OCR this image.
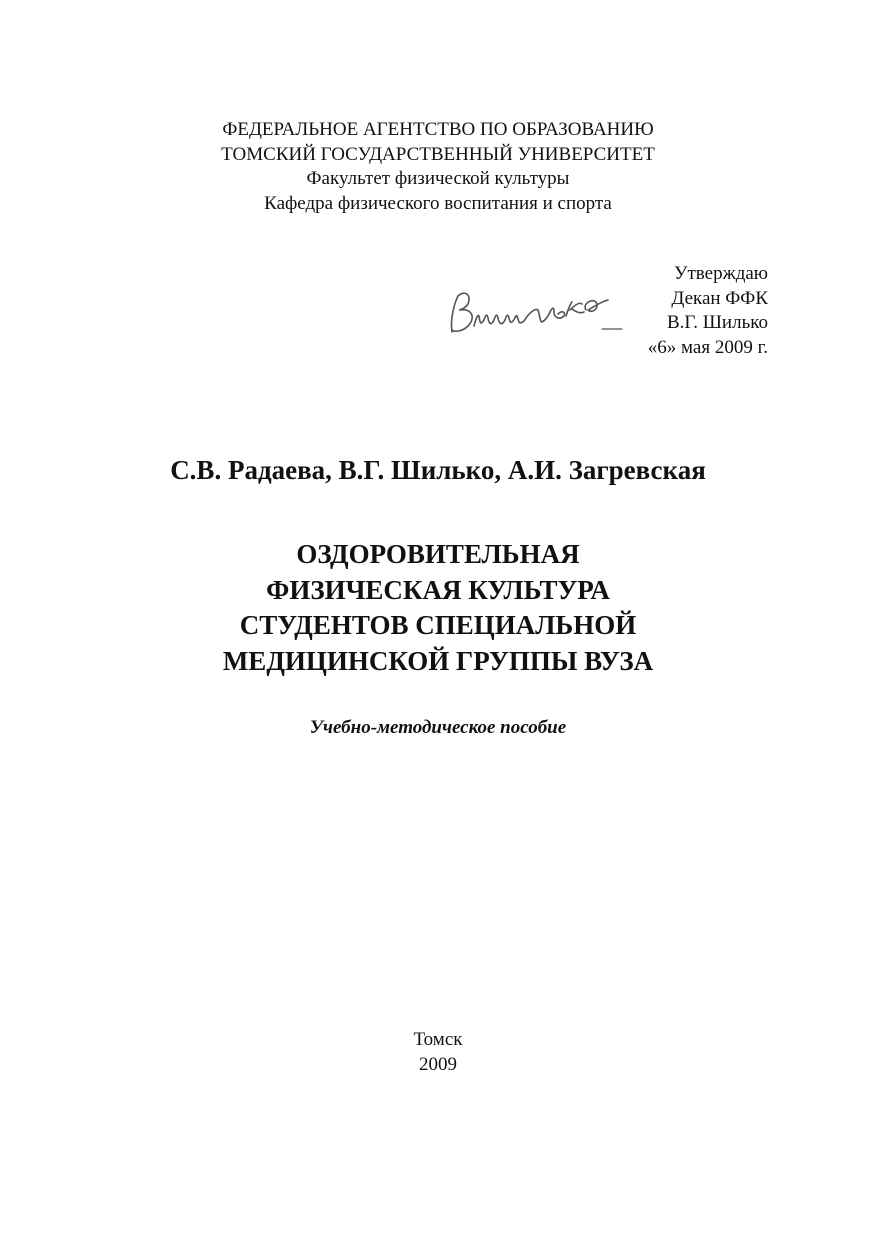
ФЕДЕРАЛЬНОЕ АГЕНТСТВО ПО ОБРАЗОВАНИЮ
ТОМСКИЙ ГОСУДАРСТВЕННЫЙ УНИВЕРСИТЕТ
Факультет физической культуры
Кафедра физического воспитания и спорта
Утверждаю
Декан ФФК
В.Г. Шилько
«6» мая 2009 г.
С.В. Радаева, В.Г. Шилько, А.И. Загревская
ОЗДОРОВИТЕЛЬНАЯ
ФИЗИЧЕСКАЯ КУЛЬТУРА
СТУДЕНТОВ СПЕЦИАЛЬНОЙ
МЕДИЦИНСКОЙ ГРУППЫ ВУЗА
Учебно-методическое пособие
Томск
2009
